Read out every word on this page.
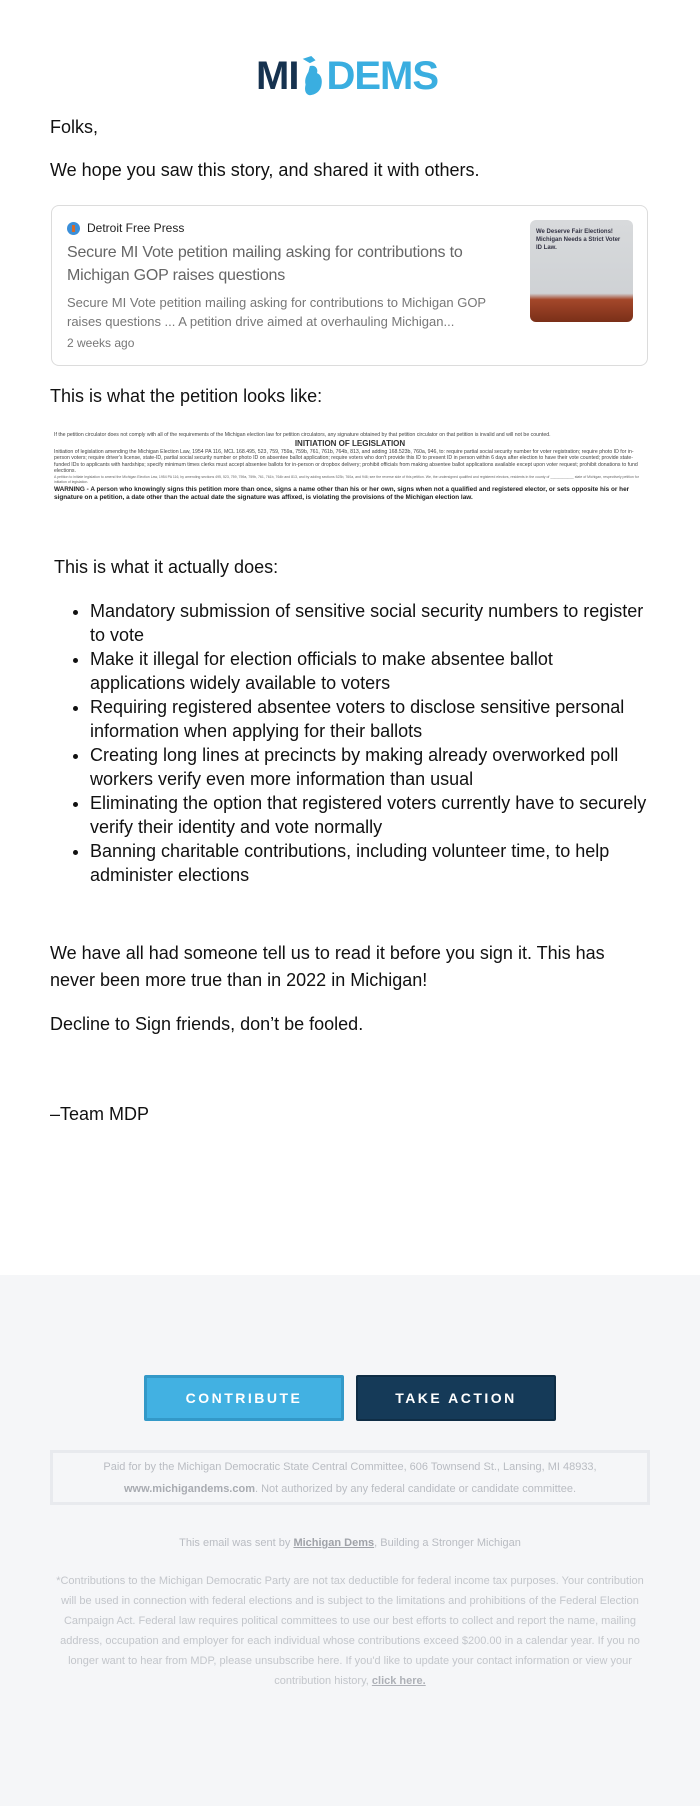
MI DEMS

Folks,

We hope you saw this story, and shared it with others.

Detroit Free Press
Secure MI Vote petition mailing asking for contributions to Michigan GOP raises questions
Secure MI Vote petition mailing asking for contributions to Michigan GOP raises questions ... A petition drive aimed at overhauling Michigan...
2 weeks ago
We Deserve Fair Elections! Michigan Needs a Strict Voter ID Law.

This is what the petition looks like:

If the petition circulator does not comply with all of the requirements of the Michigan election law for petition circulators, any signature obtained by that petition circulator on that petition is invalid and will not be counted.
INITIATION OF LEGISLATION
Initiation of legislation amending the Michigan Election Law, 1954 PA 116, MCL 168.495, 523, 759, 759a, 759b, 761, 761b, 764b, 813, and adding 168.523b, 760a, 946, to: require partial social security number for voter registration; require photo ID for in-person voters; require driver's license, state-ID, partial social security number or photo ID on absentee ballot application; require voters who don't provide this ID to present ID in person within 6 days after election to have their vote counted; provide state-funded IDs to applicants with hardships; specify minimum times clerks must accept absentee ballots for in-person or dropbox delivery; prohibit officials from making absentee ballot applications available except upon voter request; prohibit donations to fund elections.
A petition to initiate legislation to amend the Michigan Election Law, 1954 PA 116, by amending sections 495, 523, 759, 759a, 759b, 761, 761b, 764b and 813, and by adding sections 523b, 760a, and 946; see the reverse side of this petition. We, the undersigned qualified and registered electors, residents in the county of ____________ state of Michigan, respectively petition for initiation of legislation.
WARNING - A person who knowingly signs this petition more than once, signs a name other than his or her own, signs when not a qualified and registered elector, or sets opposite his or her signature on a petition, a date other than the actual date the signature was affixed, is violating the provisions of the Michigan election law.

This is what it actually does:

• Mandatory submission of sensitive social security numbers to register to vote
• Make it illegal for election officials to make absentee ballot applications widely available to voters
• Requiring registered absentee voters to disclose sensitive personal information when applying for their ballots
• Creating long lines at precincts by making already overworked poll workers verify even more information than usual
• Eliminating the option that registered voters currently have to securely verify their identity and vote normally
• Banning charitable contributions, including volunteer time, to help administer elections

We have all had someone tell us to read it before you sign it. This has never been more true than in 2022 in Michigan!

Decline to Sign friends, don’t be fooled.

–Team MDP

CONTRIBUTE	TAKE ACTION
Paid for by the Michigan Democratic State Central Committee, 606 Townsend St., Lansing, MI 48933,
www.michigandems.com. Not authorized by any federal candidate or candidate committee.
This email was sent by Michigan Dems, Building a Stronger Michigan
*Contributions to the Michigan Democratic Party are not tax deductible for federal income tax purposes. Your contribution will be used in connection with federal elections and is subject to the limitations and prohibitions of the Federal Election Campaign Act. Federal law requires political committees to use our best efforts to collect and report the name, mailing address, occupation and employer for each individual whose contributions exceed $200.00 in a calendar year. If you no longer want to hear from MDP, please unsubscribe here. If you'd like to update your contact information or view your contribution history, click here.
